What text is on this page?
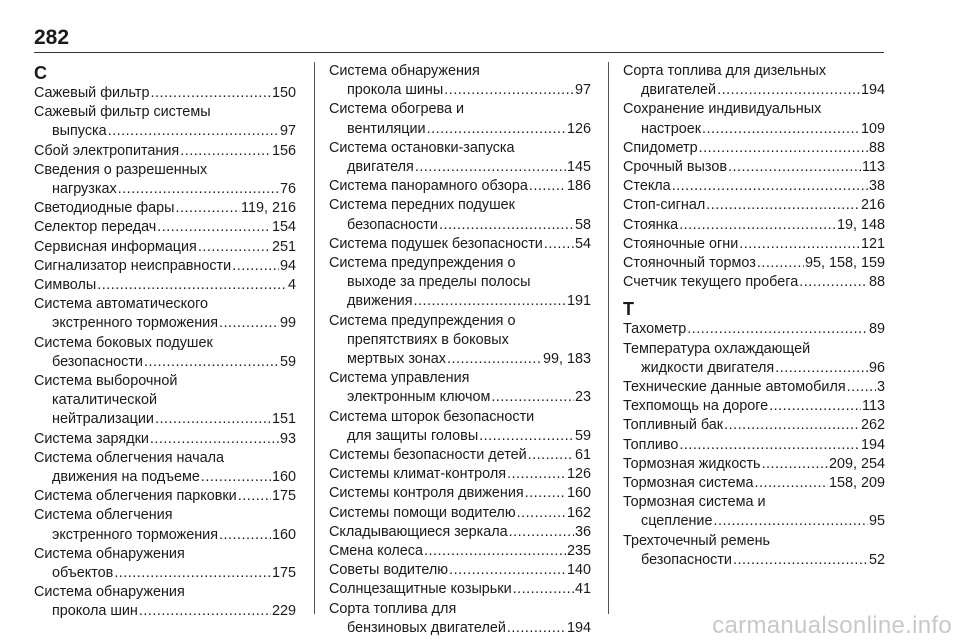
282
С
Сажевый фильтр .....	150
Сажевый фильтр системы
выпуска .....	97
Сбой электропитания .....	156
Сведения о разрешенных
нагрузках .....	76
Светодиодные фары .....	119, 216
Селектор передач .....	154
Сервисная информация .....	251
Сигнализатор неисправности .....	94
Символы .....	4
Система автоматического
экстренного торможения .....	99
Система боковых подушек
безопасности .....	59
Система выборочной
каталитической
нейтрализации .....	151
Система зарядки .....	93
Система облегчения начала
движения на подъеме .....	160
Система облегчения парковки ..... 175
Система облегчения
экстренного торможения .....	160
Система обнаружения
объектов .....	175
Система обнаружения
прокола шин .....	229
Система обнаружения
прокола шины .....	97
Система обогрева и
вентиляции .....	126
Система остановки-запуска
двигателя .....	145
Система панорамного обзора .....	186
Система передних подушек
безопасности .....	58
Система подушек безопасности ..... 54
Система предупреждения о
выходе за пределы полосы
движения .....	191
Система предупреждения о
препятствиях в боковых
мертвых зонах .....	99, 183
Система управления
электронным ключом .....	23
Система шторок безопасности
для защиты головы .....	59
Системы безопасности детей .....	61
Системы климат-контроля .....	126
Системы контроля движения .....	160
Системы помощи водителю .....	162
Складывающиеся зеркала .....	36
Смена колеса .....	235
Советы водителю .....	140
Солнцезащитные козырьки .....	41
Сорта топлива для
бензиновых двигателей .....	194
Сорта топлива для дизельных
двигателей .....	194
Сохранение индивидуальных
настроек .....	109
Спидометр .....	88
Срочный вызов .....	113
Стекла .....	38
Стоп-сигнал .....	216
Стоянка .....	19, 148
Стояночные огни .....	121
Стояночный тормоз .....	95, 158, 159
Счетчик текущего пробега .....	88
Т
Тахометр .....	89
Температура охлаждающей
жидкости двигателя .....	96
Технические данные автомобиля ..... 3
Техпомощь на дороге .....	113
Топливный бак .....	262
Топливо .....	194
Тормозная жидкость .....	209, 254
Тормозная система .....	158, 209
Тормозная система и
сцепление .....	95
Трехточечный ремень
безопасности .....	52
carmanualsonline.info
